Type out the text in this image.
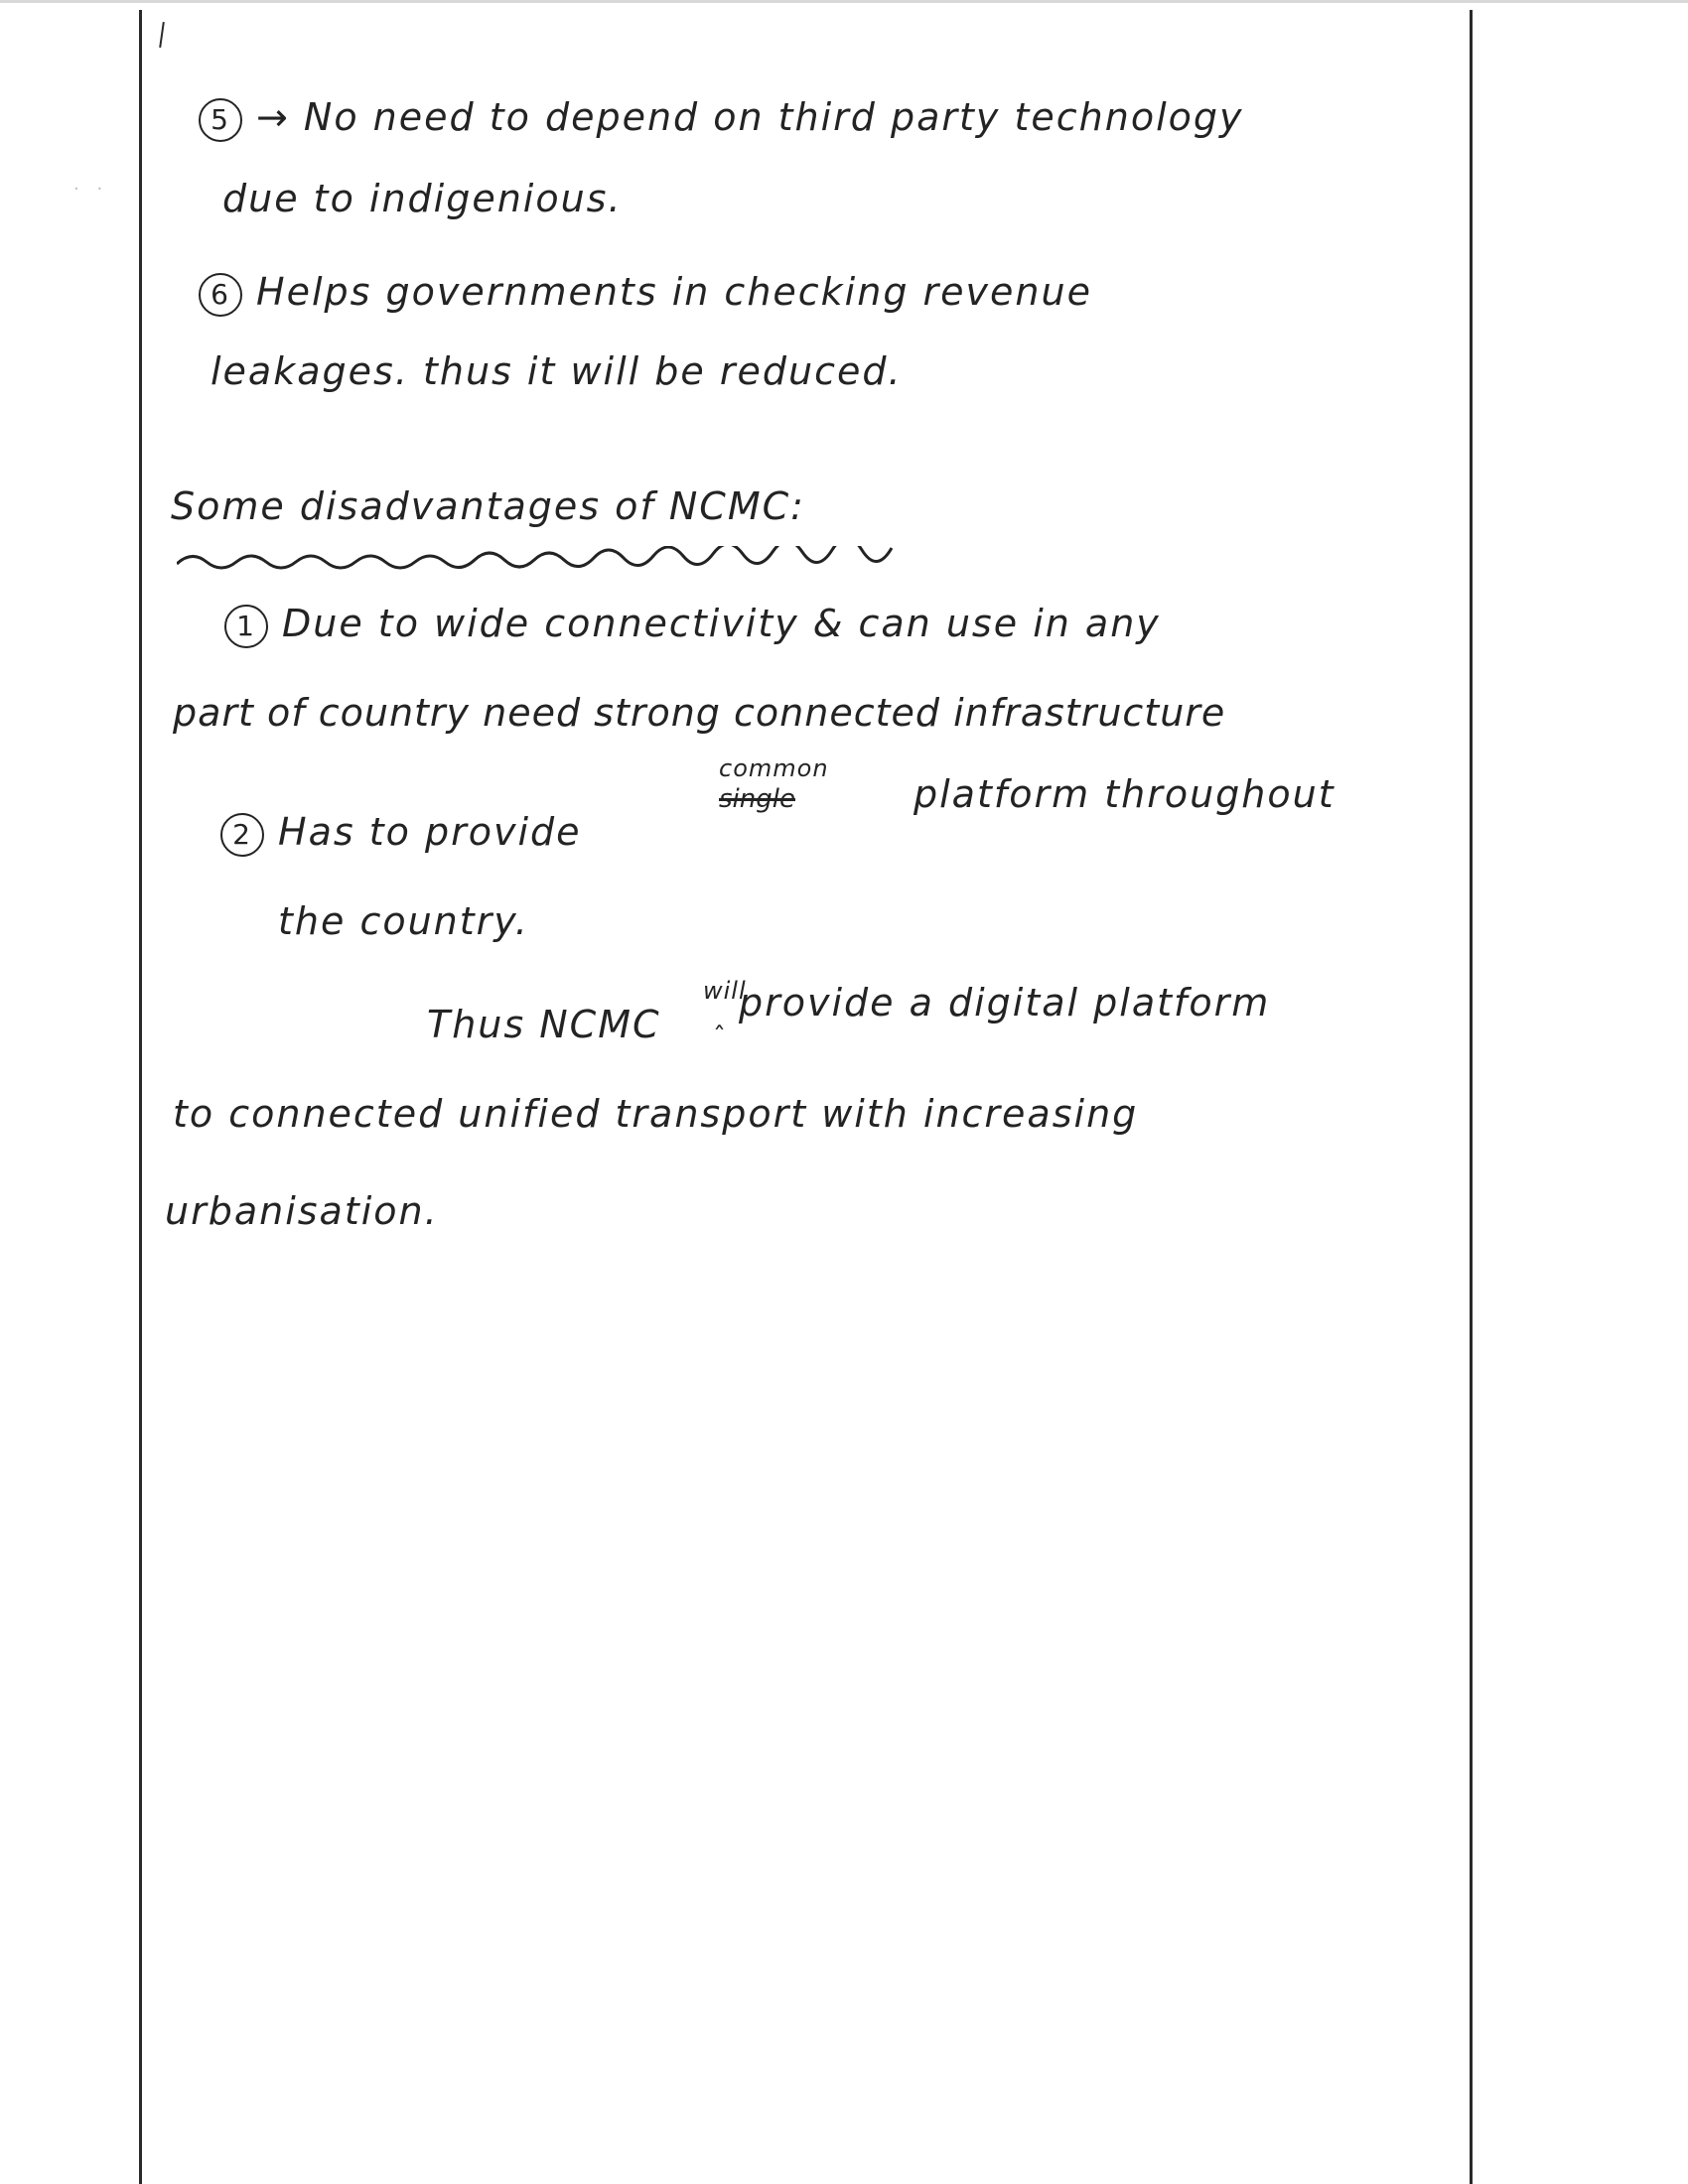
· ·
5 → No need to depend on third party technology
due to indigenious.
6 Helps governments in checking revenue
leakages. thus it will be reduced.
Some disadvantages of NCMC:
1 Due to wide connectivity & can use in any
part of country need strong connected infrastructure
common
single
2 Has to provide
platform throughout
the country.
Thus NCMC
will
ˆ
provide a digital platform
to connected unified transport with increasing
urbanisation.
